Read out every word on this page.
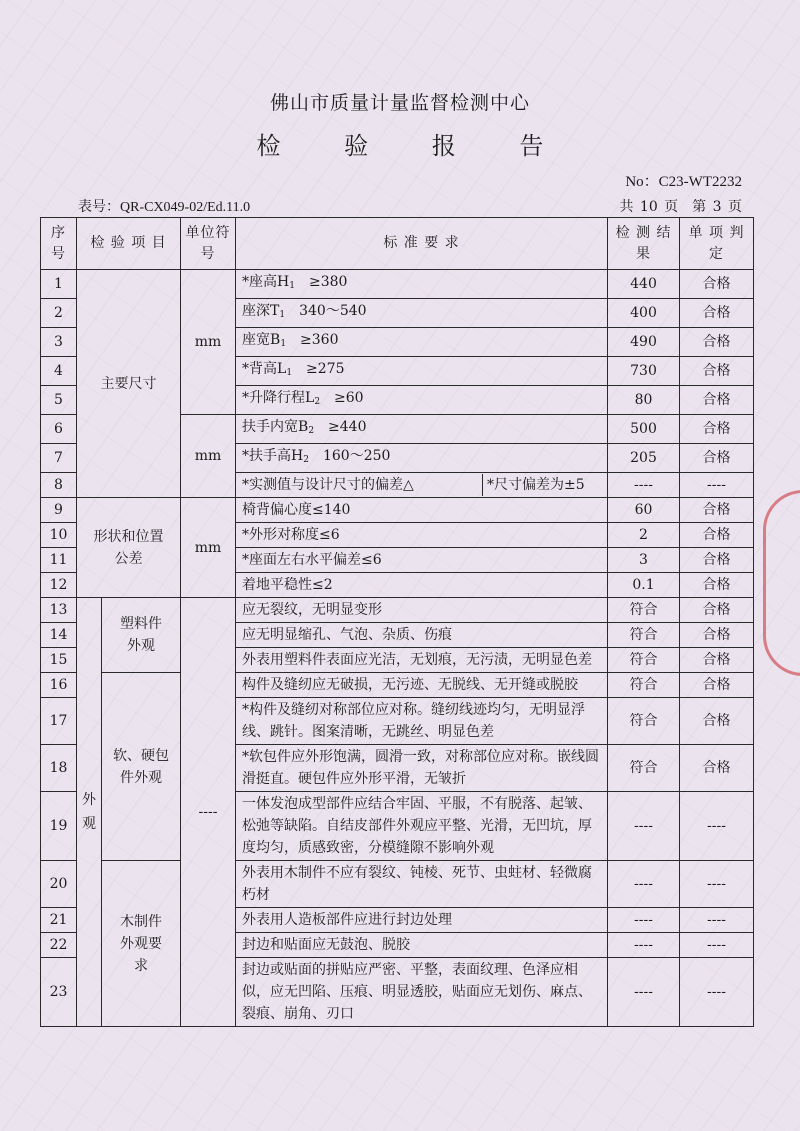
佛山市质量计量监督检测中心
检 验 报 告
No：C23-WT2232
表号：QR-CX049-02/Ed.11.0	共 10 页　第 3 页
序号	检 验 项 目		单位符号	标 准 要 求	检 测 结 果	单 项 判 定
1	主要尺寸		mm	*座高$H_1$　≥380	440	合格
2				座深$T_1$　340～540	400	合格
3				座宽$B_1$　≥360	490	合格
4				*背高$L_1$　≥275	730	合格
5				*升降行程$L_2$　≥60	80	合格
6			mm	扶手内宽$B_2$　≥440	500	合格
7				*扶手高$H_2$　160～250	205	合格
8				*实测值与设计尺寸的偏差△ *尺寸偏差为±5	----	----
9	形状和位置公差		mm	椅背偏心度≤140	60	合格
10				*外形对称度≤6	2	合格
11				*座面左右水平偏差≤6	3	合格
12				着地平稳性≤2	0.1	合格
13	外观	塑料件外观	----	应无裂纹，无明显变形	符合	合格
14				应无明显缩孔、气泡、杂质、伤痕	符合	合格
15				外表用塑料件表面应光洁，无划痕，无污渍，无明显色差	符合	合格
16		软、硬包件外观		构件及缝纫应无破损，无污迹、无脱线、无开缝或脱胶	符合	合格
17				*构件及缝纫对称部位应对称。缝纫线迹均匀，无明显浮线、跳针。图案清晰，无跳丝、明显色差	符合	合格
18				*软包件应外形饱满，圆滑一致，对称部位应对称。嵌线圆滑挺直。硬包件应外形平滑，无皱折	符合	合格
19				一体发泡成型部件应结合牢固、平服，不有脱落、起皱、松弛等缺陷。自结皮部件外观应平整、光滑，无凹坑，厚度均匀，质感致密，分模缝隙不影响外观	----	----
20		木制件外观要求		外表用木制件不应有裂纹、钝棱、死节、虫蛀材、轻微腐朽材	----	----
21				外表用人造板部件应进行封边处理	----	----
22				封边和贴面应无鼓泡、脱胶	----	----
23				封边或贴面的拼贴应严密、平整，表面纹理、色泽应相似，应无凹陷、压痕、明显透胶，贴面应无划伤、麻点、裂痕、崩角、刃口	----	----
